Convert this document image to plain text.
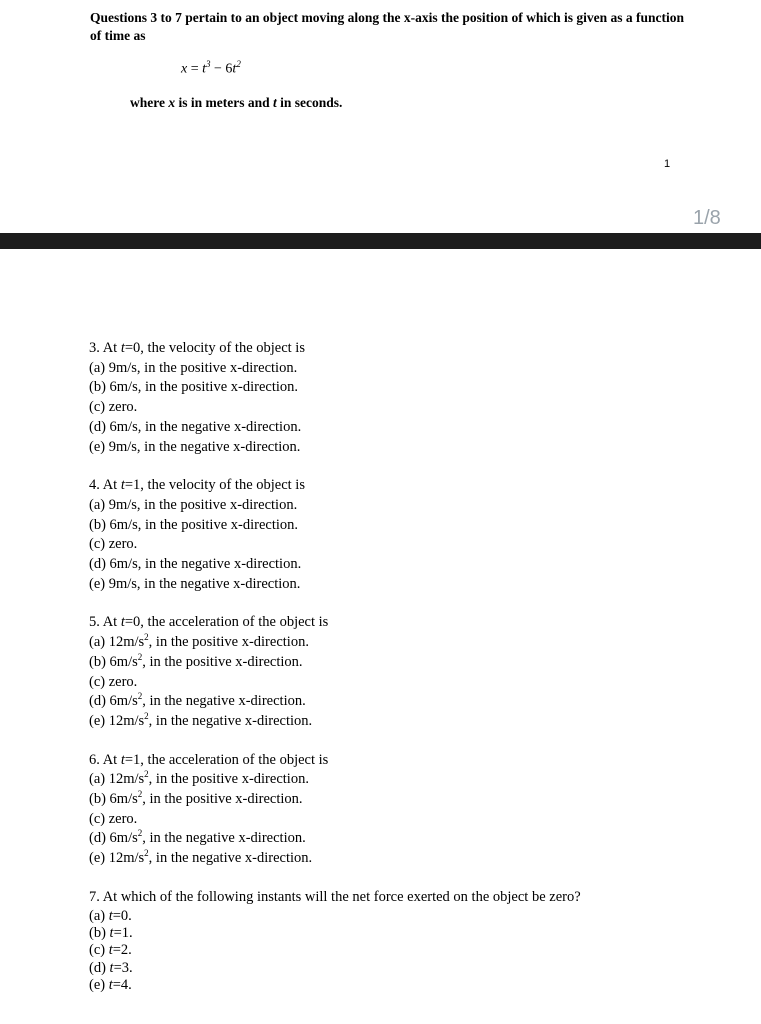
Questions 3 to 7 pertain to an object moving along the x-axis the position of which is given as a function of time as
$x = t^3 - 6t^2$
where x is in meters and t in seconds.
1
1/8
3. At t=0, the velocity of the object is
(a) 9m/s, in the positive x-direction.
(b) 6m/s, in the positive x-direction.
(c) zero.
(d) 6m/s, in the negative x-direction.
(e) 9m/s, in the negative x-direction.
4. At t=1, the velocity of the object is
(a) 9m/s, in the positive x-direction.
(b) 6m/s, in the positive x-direction.
(c) zero.
(d) 6m/s, in the negative x-direction.
(e) 9m/s, in the negative x-direction.
5. At t=0, the acceleration of the object is
(a) $12m/s^2$, in the positive x-direction.
(b) $6m/s^2$, in the positive x-direction.
(c) zero.
(d) $6m/s^2$, in the negative x-direction.
(e) $12m/s^2$, in the negative x-direction.
6. At t=1, the acceleration of the object is
(a) $12m/s^2$, in the positive x-direction.
(b) $6m/s^2$, in the positive x-direction.
(c) zero.
(d) $6m/s^2$, in the negative x-direction.
(e) $12m/s^2$, in the negative x-direction.
7. At which of the following instants will the net force exerted on the object be zero?
(a) t=0.
(b) t=1.
(c) t=2.
(d) t=3.
(e) t=4.
